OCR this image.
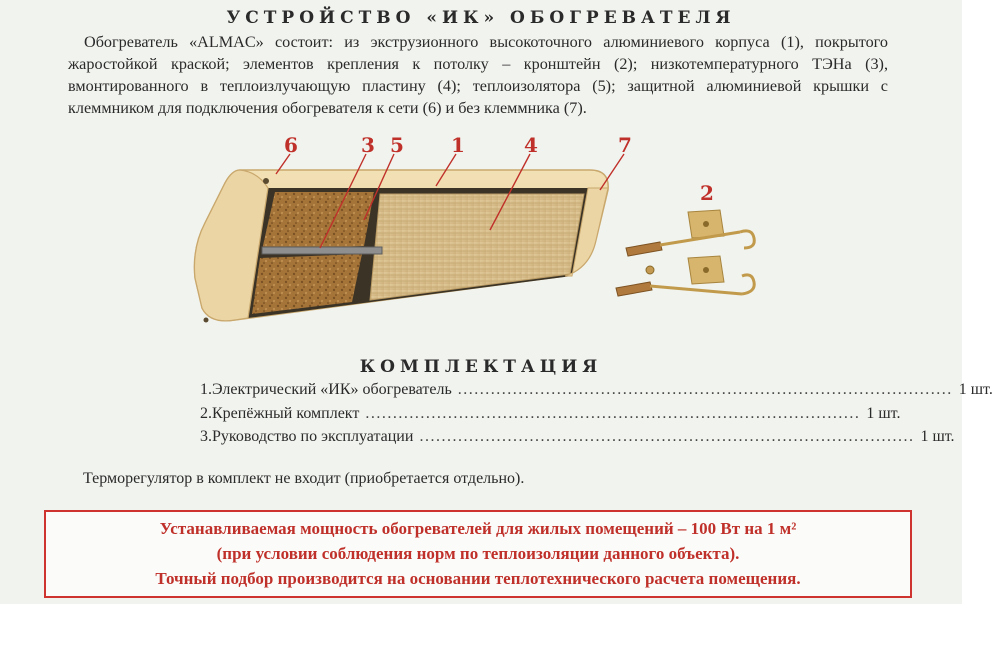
УСТРОЙСТВО «ИК» ОБОГРЕВАТЕЛЯ

Обогреватель «ALMAC» состоит: из экструзионного высокоточного алюминиевого корпуса (1), покрытого жаростойкой краской; элементов крепления к потолку – кронштейн (2); низкотемпературного ТЭНа (3), вмонтированного в теплоизлучающую пластину (4); теплоизолятора (5); защитной алюминиевой крышки с клеммником для подключения обогревателя к сети (6) и без клеммника (7).

6	3 5 1	4	7
2
КОМПЛЕКТАЦИЯ
1. Электрический «ИК» обогреватель .......................................................................................... 1 шт.
2. Крепёжный комплект .......................................................................................... 1 шт.
3. Руководство по эксплуатации .......................................................................................... 1 шт.
Терморегулятор в комплект не входит (приобретается отдельно).
Устанавливаемая мощность обогревателей для жилых помещений – 100 Вт на 1 м²
(при условии соблюдения норм по теплоизоляции данного объекта).
Точный подбор производится на основании теплотехнического расчета помещения.
